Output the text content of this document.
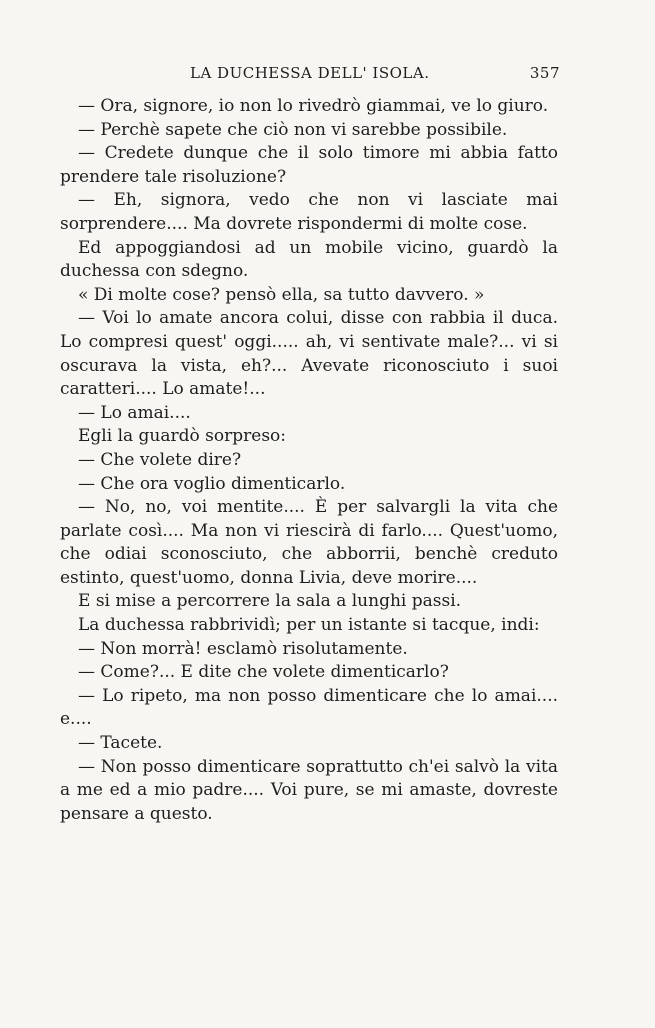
LA DUCHESSA DELL' ISOLA.	357

— Ora, signore, io non lo rivedrò giammai, ve lo giuro.

— Perchè sapete che ciò non vi sarebbe possibile.

— Credete dunque che il solo timore mi abbia fatto prendere tale risoluzione?

— Eh, signora, vedo che non vi lasciate mai sorprendere.... Ma dovrete rispondermi di molte cose.

Ed appoggiandosi ad un mobile vicino, guardò la duchessa con sdegno.

« Di molte cose? pensò ella, sa tutto davvero. »

— Voi lo amate ancora colui, disse con rabbia il duca. Lo compresi quest' oggi..... ah, vi sentivate male?... vi si oscurava la vista, eh?... Avevate riconosciuto i suoi caratteri.... Lo amate!...

— Lo amai....

Egli la guardò sorpreso:

— Che volete dire?

— Che ora voglio dimenticarlo.

— No, no, voi mentite.... È per salvargli la vita che parlate così.... Ma non vi riescirà di farlo.... Quest'uomo, che odiai sconosciuto, che abborrii, benchè creduto estinto, quest'uomo, donna Livia, deve morire....

E si mise a percorrere la sala a lunghi passi.

La duchessa rabbrividì; per un istante si tacque, indi:

— Non morrà! esclamò risolutamente.

— Come?... E dite che volete dimenticarlo?

— Lo ripeto, ma non posso dimenticare che lo amai.... e....

— Tacete.

— Non posso dimenticare soprattutto ch'ei salvò la vita a me ed a mio padre.... Voi pure, se mi amaste, dovreste pensare a questo.
